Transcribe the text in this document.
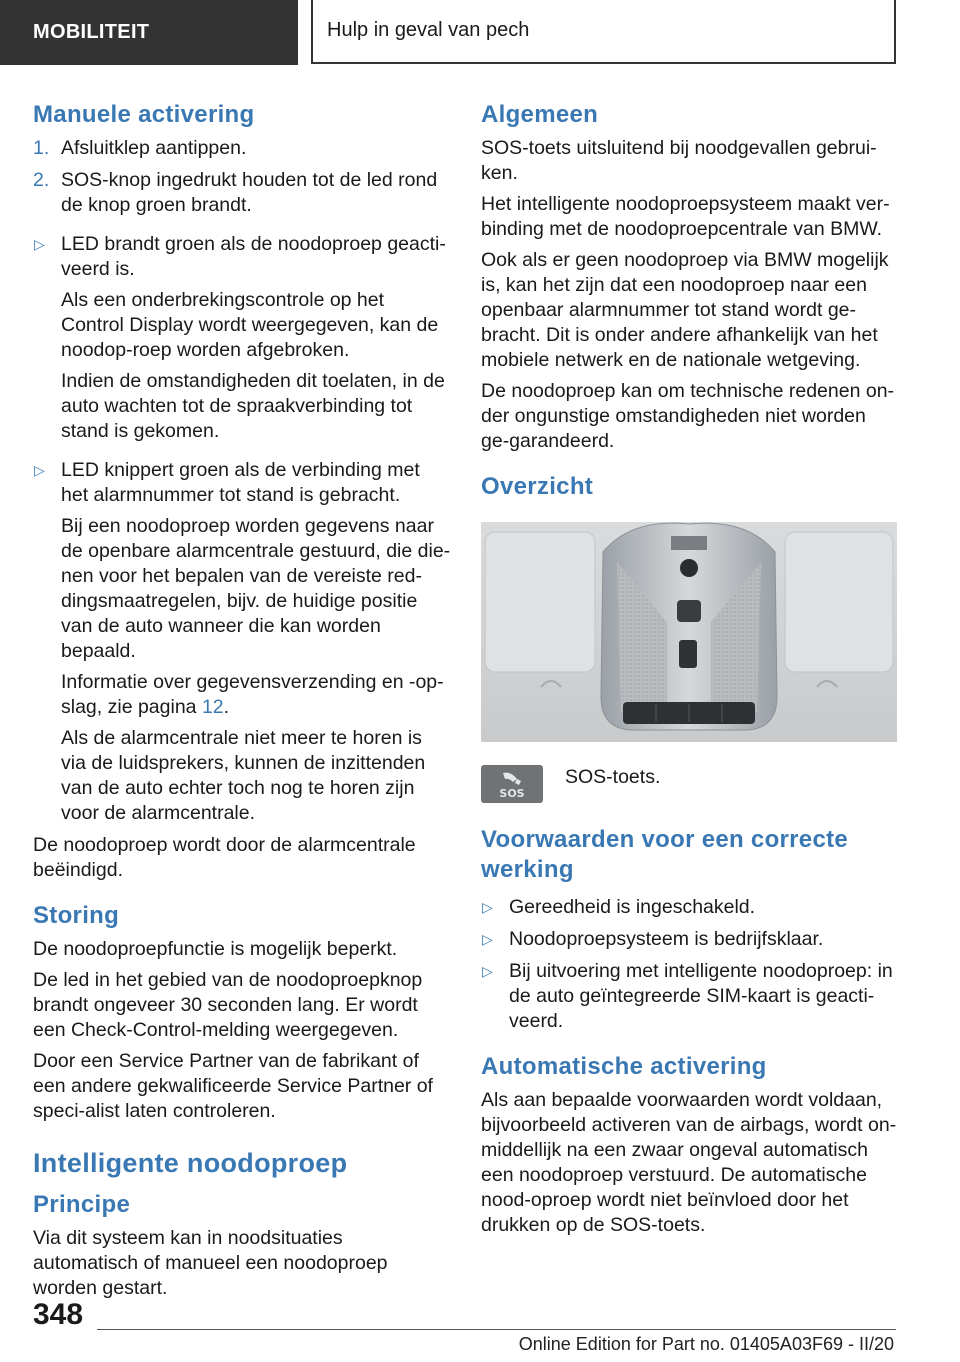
MOBILITEIT	Hulp in geval van pech
Manuele activering
1. Afsluitklep aantippen.
2. SOS-knop ingedrukt houden tot de led rond de knop groen brandt.
▷ LED brandt groen als de noodoproep geacti-veerd is.
Als een onderbrekingscontrole op het Control Display wordt weergegeven, kan de noodop-roep worden afgebroken.
Indien de omstandigheden dit toelaten, in de auto wachten tot de spraakverbinding tot stand is gekomen.
▷ LED knippert groen als de verbinding met het alarmnummer tot stand is gebracht.
Bij een noodoproep worden gegevens naar de openbare alarmcentrale gestuurd, die die-nen voor het bepalen van de vereiste red-dingsmaatregelen, bijv. de huidige positie van de auto wanneer die kan worden bepaald.
Informatie over gegevensverzending en -op-slag, zie pagina 12.
Als de alarmcentrale niet meer te horen is via de luidsprekers, kunnen de inzittenden van de auto echter toch nog te horen zijn voor de alarmcentrale.

De noodoproep wordt door de alarmcentrale beëindigd.

Storing

De noodoproepfunctie is mogelijk beperkt.

De led in het gebied van de noodoproepknop brandt ongeveer 30 seconden lang. Er wordt een Check-Control-melding weergegeven.

Door een Service Partner van de fabrikant of een andere gekwalificeerde Service Partner of speci-alist laten controleren.

Intelligente noodoproep
Principe

Via dit systeem kan in noodsituaties automatisch of manueel een noodoproep worden gestart.

Algemeen

SOS-toets uitsluitend bij noodgevallen gebrui-ken.

Het intelligente noodoproepsysteem maakt ver-binding met de noodoproepcentrale van BMW.

Ook als er geen noodoproep via BMW mogelijk is, kan het zijn dat een noodoproep naar een openbaar alarmnummer tot stand wordt ge-bracht. Dit is onder andere afhankelijk van het mobiele netwerk en de nationale wetgeving.

De noodoproep kan om technische redenen on-der ongunstige omstandigheden niet worden ge-garandeerd.

Overzicht
SOS
SOS-toets.
Voorwaarden voor een correcte werking
▷ Gereedheid is ingeschakeld.
▷ Noodoproepsysteem is bedrijfsklaar.
▷ Bij uitvoering met intelligente noodoproep: in de auto geïntegreerde SIM-kaart is geacti-veerd.
Automatische activering

Als aan bepaalde voorwaarden wordt voldaan, bijvoorbeeld activeren van de airbags, wordt on-middellijk na een zwaar ongeval automatisch een noodoproep verstuurd. De automatische nood-oproep wordt niet beïnvloed door het drukken op de SOS-toets.

348
Online Edition for Part no. 01405A03F69 - II/20
